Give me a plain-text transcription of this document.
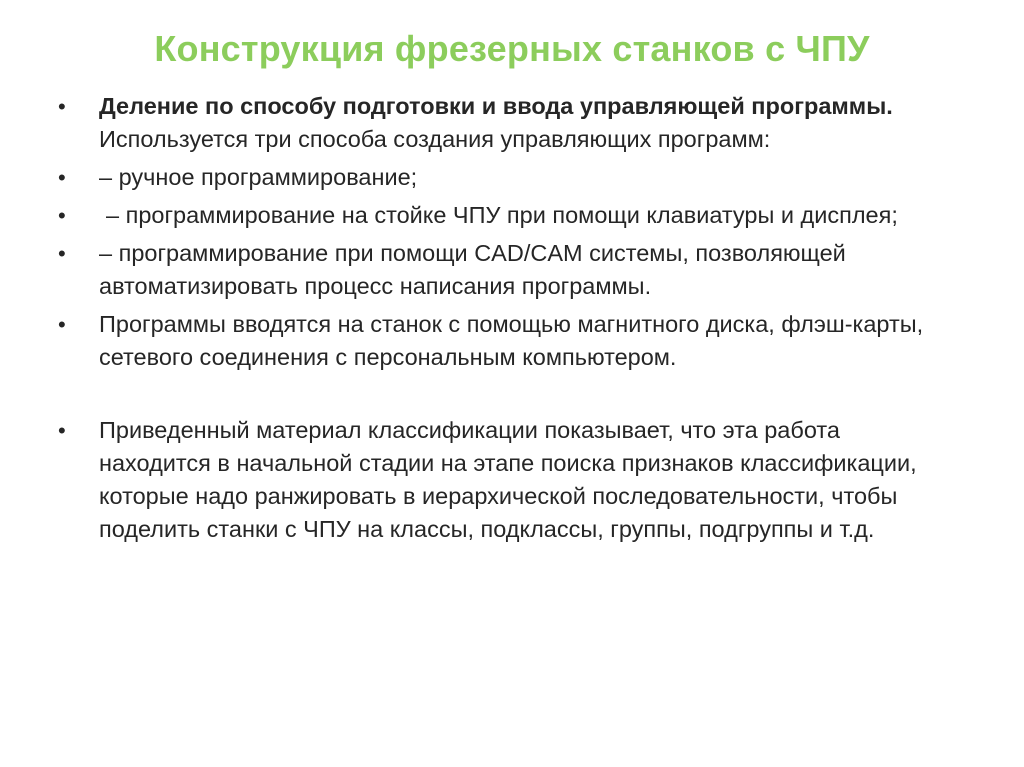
Конструкция фрезерных станков с ЧПУ
•	Деление по способу подготовки и ввода управляющей программы.
Используется три способа создания управляющих программ:
•	– ручное программирование;
•	– программирование на стойке ЧПУ при помощи клавиатуры и дисплея;
•	– программирование при помощи CAD/CAM системы, позволяющей автоматизировать процесс написания программы.
•	Программы вводятся на станок с помощью магнитного диска, флэш-карты, сетевого соединения с персональным компьютером.
•	Приведенный материал классификации показывает, что эта работа находится в начальной стадии на этапе поиска признаков классификации, которые надо ранжировать в иерархической последовательности, чтобы поделить станки с ЧПУ на классы, подклассы, группы, подгруппы и т.д.
